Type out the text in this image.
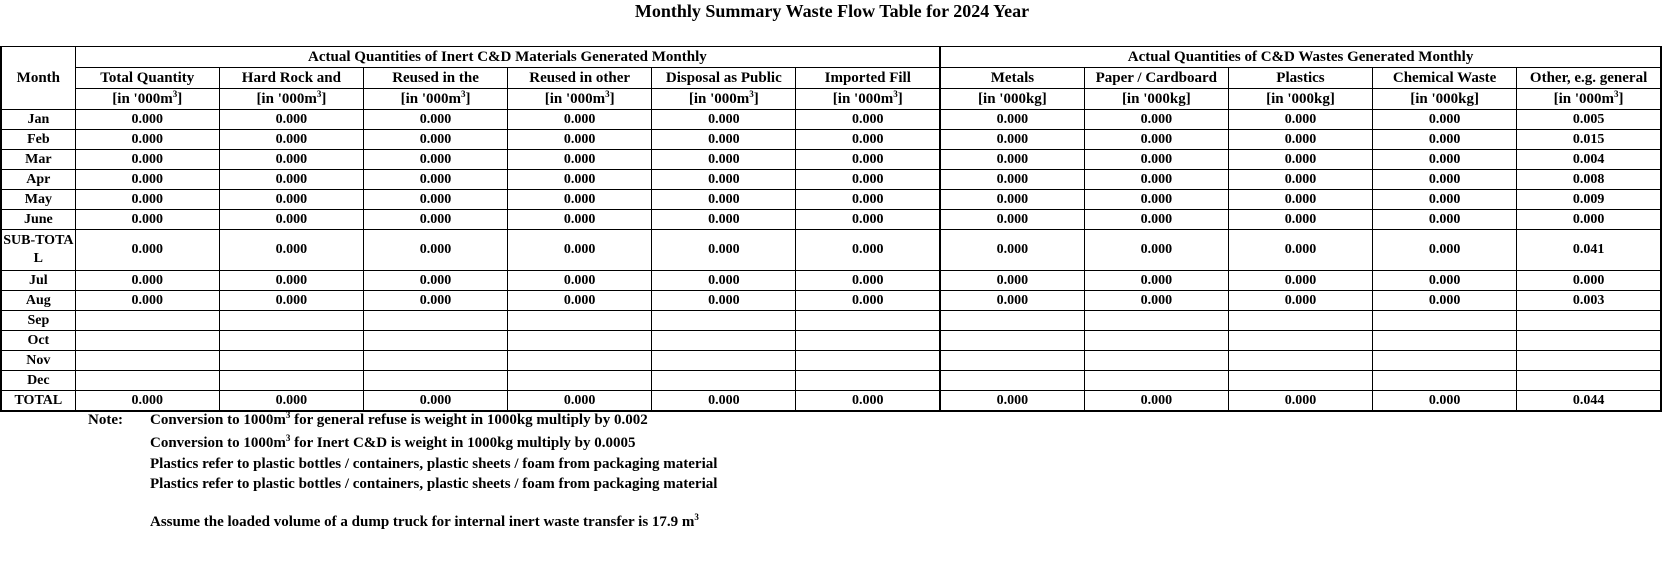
Monthly Summary Waste Flow Table for 2024 Year
Month	Actual Quantities of Inert C&D Materials Generated Monthly						Actual Quantities of C&D Wastes Generated Monthly				
	Total Quantity	Hard Rock and	Reused in the	Reused in other	Disposal as Public	Imported Fill	Metals	Paper / Cardboard	Plastics	Chemical Waste	Other, e.g. general
	[in '$000m^3$]	[in '$000m^3$]	[in '$000m^3$]	[in '$000m^3$]	[in '$000m^3$]	[in '$000m^3$]	[in '000kg]	[in '000kg]	[in '000kg]	[in '000kg]	[in '$000m^3$]
Jan	0.000	0.000	0.000	0.000	0.000	0.000	0.000	0.000	0.000	0.000	0.005
Feb	0.000	0.000	0.000	0.000	0.000	0.000	0.000	0.000	0.000	0.000	0.015
Mar	0.000	0.000	0.000	0.000	0.000	0.000	0.000	0.000	0.000	0.000	0.004
Apr	0.000	0.000	0.000	0.000	0.000	0.000	0.000	0.000	0.000	0.000	0.008
May	0.000	0.000	0.000	0.000	0.000	0.000	0.000	0.000	0.000	0.000	0.009
June	0.000	0.000	0.000	0.000	0.000	0.000	0.000	0.000	0.000	0.000	0.000
SUB-TOTAL	0.000	0.000	0.000	0.000	0.000	0.000	0.000	0.000	0.000	0.000	0.041
Jul	0.000	0.000	0.000	0.000	0.000	0.000	0.000	0.000	0.000	0.000	0.000
Aug	0.000	0.000	0.000	0.000	0.000	0.000	0.000	0.000	0.000	0.000	0.003
Sep											
Oct											
Nov											
Dec											
TOTAL	0.000	0.000	0.000	0.000	0.000	0.000	0.000	0.000	0.000	0.000	0.044
Note: Conversion to $1000m^3$ for general refuse is weight in 1000kg multiply by 0.002
Conversion to $1000m^3$ for Inert C&D is weight in 1000kg multiply by 0.0005
Plastics refer to plastic bottles / containers, plastic sheets / foam from packaging material
Plastics refer to plastic bottles / containers, plastic sheets / foam from packaging material
Assume the loaded volume of a dump truck for internal inert waste transfer is 17.9 $m^3$
